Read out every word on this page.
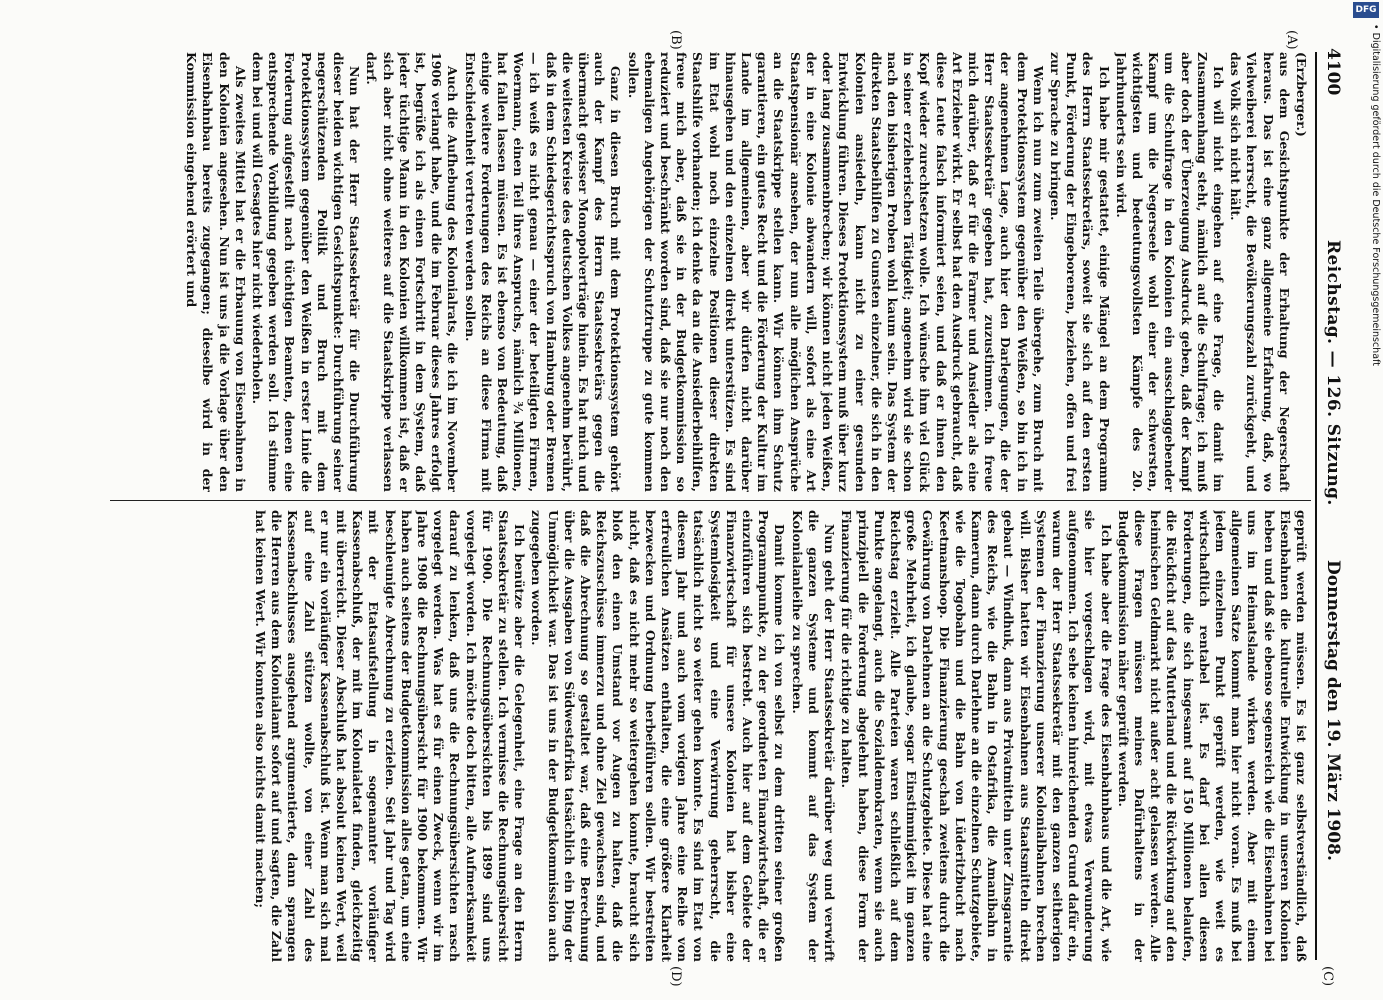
4100
Reichstag. — 126. Sitzung.
Donnerstag den 19. März 1908.
(A)
(B)
(C)
(D)

(Erzberger.)

aus dem Gesichtspunkte der Erhaltung der Negerschaft heraus. Das ist eine ganz allgemeine Erfahrung, daß, wo Vielweiberei herrscht, die Bevölkerungszahl zurückgeht, und das Volk sich nicht hält.

Ich will nicht eingehen auf eine Frage, die damit im Zusammenhang steht, nämlich auf die Schulfrage; ich muß aber doch der Überzeugung Ausdruck geben, daß der Kampf um die Schulfrage in den Kolonien ein ausschlaggebender Kampf um die Negerseele wohl einer der schwersten, wichtigsten und bedeutungsvollsten Kämpfe des 20. Jahrhunderts sein wird.

Ich habe mir gestattet, einige Mängel an dem Programm des Herrn Staatssekretärs, soweit sie sich auf den ersten Punkt, Förderung der Eingeborenen, beziehen, offen und frei zur Sprache zu bringen.

Wenn ich nun zum zweiten Teile übergehe, zum Bruch mit dem Protektionssystem gegenüber den Weißen, so bin ich in der angenehmen Lage, auch hier den Darlegungen, die der Herr Staatssekretär gegeben hat, zuzustimmen. Ich freue mich darüber, daß er für die Farmer und Ansiedler als eine Art Erzieher wirkt. Er selbst hat den Ausdruck gebraucht, daß diese Leute falsch informiert seien, und daß er ihnen den Kopf wieder zurechtsetzen wolle. Ich wünsche ihm viel Glück in seiner erzieherischen Tätigkeit; angenehm wird sie schon nach den bisherigen Proben wohl kaum sein. Das System der direkten Staatsbeihilfen zu Gunsten einzelner, die sich in den Kolonien ansiedeln, kann nicht zu einer gesunden Entwicklung führen. Dieses Protektionssystem muß über kurz oder lang zusammenbrechen; wir können nicht jeden Weißen, der in eine Kolonie abwandern will, sofort als eine Art Staatspensionär ansehen, der nun alle möglichen Ansprüche an die Staatskrippe stellen kann. Wir können ihm Schutz garantieren, ein gutes Recht und die Förderung der Kultur im Lande im allgemeinen, aber wir dürfen nicht darüber hinausgehen und den einzelnen direkt unterstützen. Es sind im Etat wohl noch einzelne Positionen dieser direkten Staatshilfe vorhanden; ich denke da an die Ansiedlerbeihilfen, freue mich aber, daß sie in der Budgetkommission so reduziert und beschränkt worden sind, daß sie nur noch den ehemaligen Angehörigen der Schutztruppe zu gute kommen sollen.

Ganz in diesen Bruch mit dem Protektionssystem gehört auch der Kampf des Herrn Staatssekretärs gegen die übermacht gewisser Monopolverträge hinein. Es hat mich und die weitesten Kreise des deutschen Volkes angenehm berührt, daß in dem Schiedsgerichtsspruch von Hamburg oder Bremen — ich weiß es nicht genau — einer der beteiligten Firmen, Woermann, einen Teil ihres Anspruchs, nämlich ¾ Millionen, hat fallen lassen müssen. Es ist ebenso von Bedeutung, daß einige weitere Forderungen des Reichs an diese Firma mit Entschiedenheit vertreten werden sollen.

Auch die Aufhebung des Kolonialrats, die ich im November 1906 verlangt habe, und die im Februar dieses Jahres erfolgt ist, begrüße ich als einen Fortschritt in dem System, daß jeder tüchtige Mann in den Kolonien willkommen ist, daß er sich aber nicht ohne weiteres auf die Staatskrippe verlassen darf.

Nun hat der Herr Staatssekretär für die Durchführung dieser beiden wichtigen Gesichtspunkte: Durchführung seiner negerschützenden Politik und Bruch mit dem Protektionssystem gegenüber den Weißen in erster Linie die Forderung aufgestellt nach tüchtigen Beamten, denen eine entsprechende Vorbildung gegeben werden soll. Ich stimme dem bei und will Gesagtes hier nicht wiederholen.

Als zweites Mittel hat er die Erbauung von Eisenbahnen in den Kolonien angesehen. Nun ist uns ja die Vorlage über den Eisenbahnbau bereits zugegangen; dieselbe wird in der Kommission eingehend erörtert und

geprüft werden müssen. Es ist ganz selbstverständlich, daß Eisenbahnen die kulturelle Entwicklung in unseren Kolonien heben und daß sie ebenso segensreich wie die Eisenbahnen bei uns im Heimatslande wirken werden. Aber mit einem allgemeinen Satze kommt man hier nicht voran. Es muß bei jedem einzelnen Punkt geprüft werden, wie weit es wirtschaftlich rentabel ist. Es darf bei allen diesen Forderungen, die sich insgesamt auf 150 Millionen belaufen, die Rückficht auf das Mutterland und die Rückwirkung auf den heimischen Geldmarkt nicht außer acht gelassen werden. Alle diese Fragen müssen meines Dafürhaltens in der Budgetkommission näher geprüft werden.

Ich habe aber die Frage des Eisenbahnbaus und die Art, wie sie hier vorgeschlagen wird, mit etwas Verwunderung aufgenommen. Ich sehe keinen hinreichenden Grund dafür ein, warum der Herr Staatssekretär mit den ganzen seitherigen Systemen der Finanzierung unserer Kolonialbahnen brechen will. Bisher hatten wir Eisenbahnen aus Staatsmitteln direkt gebaut — Windhuk, dann aus Privatmitteln unter Zinsgarantie des Reichs, wie die Bahn in Ostafrika, die Amanibahn in Kamerun, dann durch Darlehne an die einzelnen Schutzgebiete, wie die Togobahn und die Bahn von Lüderitzbucht nach Keetmanshoop. Die Finanzierung geschah zweitens durch die Gewährung von Darlehnen an die Schutzgebiete. Diese hat eine große Mehrheit, ich glaube, sogar Einstimmigkeit im ganzen Reichstag erzielt. Alle Parteien waren schließlich auf dem Punkte angelangt, auch die Sozialdemokraten, wenn sie auch prinzipiell die Forderung abgelehnt haben, diese Form der Finanzierung für die richtige zu halten.

Nun geht der Herr Staatssekretär darüber weg und verwirft die ganzen Systeme und kommt auf das System der Kolonialanleihe zu sprechen.

Damit komme ich von selbst zu dem dritten seiner großen Programmpunkte, zu der geordneten Finanzwirtschaft, die er einzuführen sich bestrebt. Auch hier auf dem Gebiete der Finanzwirtschaft für unsere Kolonien hat bisher eine Systemlosigkeit und eine Verwirrung geherrscht, die tatsächlich nicht so weiter gehen konnte. Es sind im Etat von diesem Jahr und auch vom vorigen Jahre eine Reihe von erfreulichen Ansätzen enthalten, die eine größere Klarheit bezwecken und Ordnung herbeiführen sollen. Wir bestreiten nicht, daß es nicht mehr so weitergehen konnte, braucht sich bloß den einen Umstand vor Augen zu halten, daß die Reichszuschüsse immerzu und ohne Ziel gewachsen sind, und daß die Abrechnung so gestaltet war, daß eine Berechnung über die Ausgaben von Südwestafrika tatsächlich ein Ding der Unmöglichkeit war. Das ist uns in der Budgetkommission auch zugegeben worden.

Ich benütze aber die Gelegenheit, eine Frage an den Herrn Staatssekretär zu stellen. Ich vermisse die Rechnungsübersicht für 1900. Die Rechnungsübersichten bis 1899 sind uns vorgelegt worden. Ich möchte doch bitten, alle Aufmerksamkeit darauf zu lenken, daß uns die Rechnungsübersichten rasch vorgelegt werden. Was hat es für einen Zweck, wenn wir im Jahre 1908 die Rechnungsübersicht für 1900 bekommen. Wir haben auch seitens der Budgetkommission alles getan, um eine beschleunigte Abrechnung zu erzielen. Seit Jahr und Tag wird mit der Etatsaufstellung in sogenannter vorläufiger Kassenabschluß, der mit im Kolonialetat finden, gleichzeitig mit überreicht. Dieser Abschluß hat absolut keinen Wert, weil er nur ein vorläufiger Kassenabschluß ist. Wenn man sich mal auf eine Zahl stützen wollte, von einer Zahl des Kassenabschlusses ausgehend argumentierte, dann sprangen die Herren aus dem Kolonialamt sofort auf und sagten, die Zahl hat keinen Wert. Wir konnten also nichts damit machen;

DFG
Digitalisierung gefördert durch die Deutsche Forschungsgemeinschaft •
